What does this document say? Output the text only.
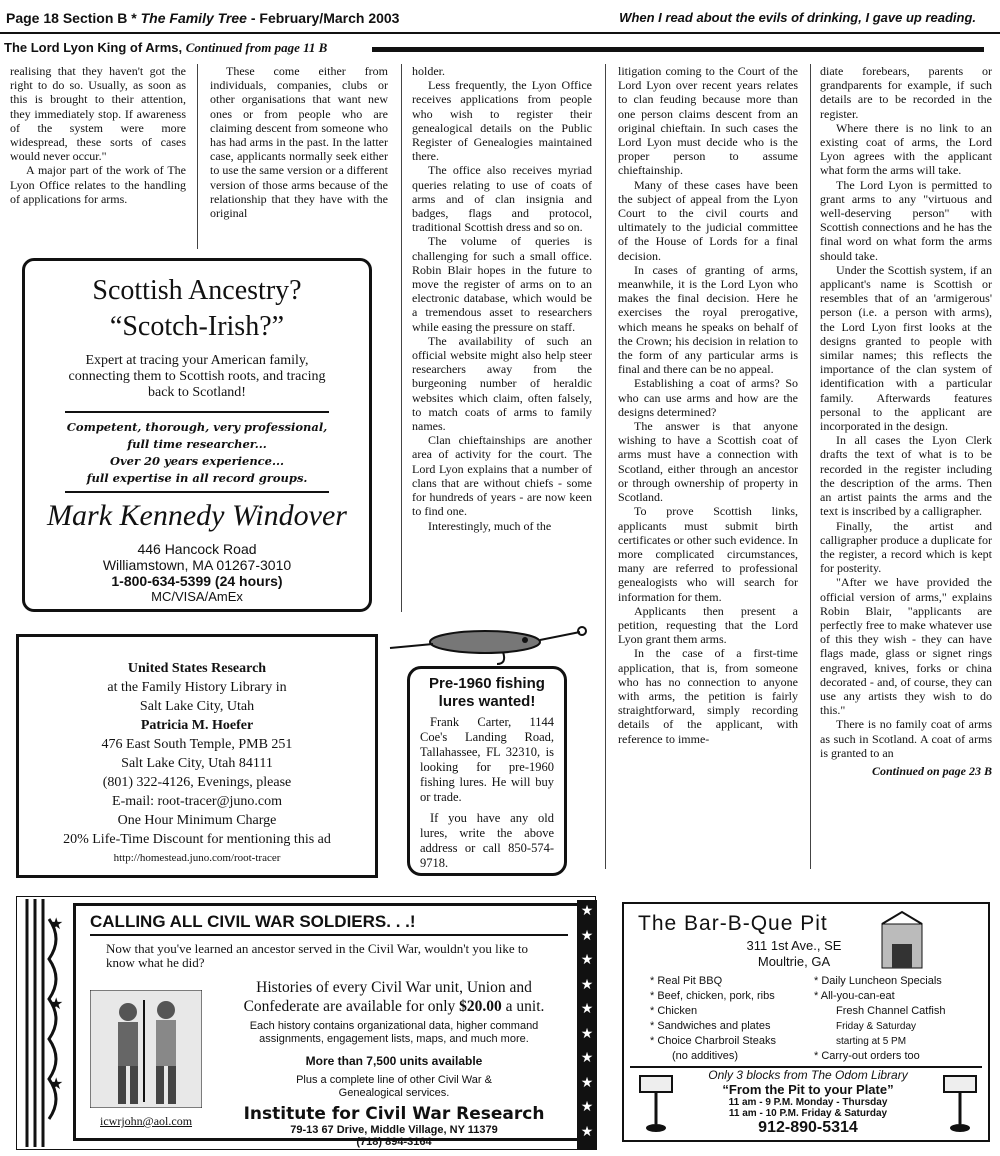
Page 18 Section B * The Family Tree - February/March 2003	When I read about the evils of drinking, I gave up reading.
The Lord Lyon King of Arms, Continued from page 11 B

realising that they haven't got the right to do so. Usually, as soon as this is brought to their attention, they immediately stop. If awareness of the system were more widespread, these sorts of cases would never occur."

A major part of the work of The Lyon Office relates to the handling of applications for arms.

These come either from individuals, companies, clubs or other organisations that want new ones or from people who are claiming descent from someone who has had arms in the past. In the latter case, applicants normally seek either to use the same version or a different version of those arms because of the relationship that they have with the original

holder.

Less frequently, the Lyon Office receives applications from people who wish to register their genealogical details on the Public Register of Genealogies maintained there.

The office also receives myriad queries relating to use of coats of arms and of clan insignia and badges, flags and protocol, traditional Scottish dress and so on.

The volume of queries is challenging for such a small office. Robin Blair hopes in the future to move the register of arms on to an electronic database, which would be a tremendous asset to researchers while easing the pressure on staff.

The availability of such an official website might also help steer researchers away from the burgeoning number of heraldic websites which claim, often falsely, to match coats of arms to family names.

Clan chieftainships are another area of activity for the court. The Lord Lyon explains that a number of clans that are without chiefs - some for hundreds of years - are now keen to find one.

Interestingly, much of the

litigation coming to the Court of the Lord Lyon over recent years relates to clan feuding because more than one person claims descent from an original chieftain. In such cases the Lord Lyon must decide who is the proper person to assume chieftainship.

Many of these cases have been the subject of appeal from the Lyon Court to the civil courts and ultimately to the judicial committee of the House of Lords for a final decision.

In cases of granting of arms, meanwhile, it is the Lord Lyon who makes the final decision. Here he exercises the royal prerogative, which means he speaks on behalf of the Crown; his decision in relation to the form of any particular arms is final and there can be no appeal.

Establishing a coat of arms? So who can use arms and how are the designs determined?

The answer is that anyone wishing to have a Scottish coat of arms must have a connection with Scotland, either through an ancestor or through ownership of property in Scotland.

To prove Scottish links, applicants must submit birth certificates or other such evidence. In more complicated circumstances, many are referred to professional genealogists who will search for information for them.

Applicants then present a petition, requesting that the Lord Lyon grant them arms.

In the case of a first-time application, that is, from someone who has no connection to anyone with arms, the petition is fairly straightforward, simply recording details of the applicant, with reference to imme-

diate forebears, parents or grandparents for example, if such details are to be recorded in the register.

Where there is no link to an existing coat of arms, the Lord Lyon agrees with the applicant what form the arms will take.

The Lord Lyon is permitted to grant arms to any "virtuous and well-deserving person" with Scottish connections and he has the final word on what form the arms should take.

Under the Scottish system, if an applicant's name is Scottish or resembles that of an 'armigerous' person (i.e. a person with arms), the Lord Lyon first looks at the designs granted to people with similar names; this reflects the importance of the clan system of identification with a particular family. Afterwards features personal to the applicant are incorporated in the design.

In all cases the Lyon Clerk drafts the text of what is to be recorded in the register including the description of the arms. Then an artist paints the arms and the text is inscribed by a calligrapher.

Finally, the artist and calligrapher produce a duplicate for the register, a record which is kept for posterity.

"After we have provided the official version of arms," explains Robin Blair, "applicants are perfectly free to make whatever use of this they wish - they can have flags made, glass or signet rings engraved, knives, forks or china decorated - and, of course, they can use any artists they wish to do this."

There is no family coat of arms as such in Scotland. A coat of arms is granted to an

Continued on page 23 B
Scottish Ancestry?
“Scotch-Irish?”
Expert at tracing your American family, connecting them to Scottish roots, and tracing back to Scotland!
Competent, thorough, very professional,
full time researcher...
Over 20 years experience...
full expertise in all record groups.
Mark Kennedy Windover
446 Hancock Road
Williamstown, MA 01267-3010
1-800-634-5399 (24 hours)
MC/VISA/AmEx
United States Research
at the Family History Library in
Salt Lake City, Utah
Patricia M. Hoefer
476 East South Temple, PMB 251
Salt Lake City, Utah 84111
(801) 322-4126, Evenings, please
E-mail: root-tracer@juno.com
One Hour Minimum Charge
20% Life-Time Discount for mentioning this ad
http://homestead.juno.com/root-tracer
Pre-1960 fishing lures wanted!
Frank Carter, 1144 Coe's Landing Road, Tallahassee, FL 32310, is looking for pre-1960 fishing lures. He will buy or trade.
If you have any old lures, write the above address or call 850-574-9718.
★
★
★
CALLING ALL CIVIL WAR SOLDIERS. . .!
Now that you've learned an ancestor served in the Civil War, wouldn't you like to know what he did?
Histories of every Civil War unit, Union and
Confederate are available for only $20.00 a unit.
Each history contains organizational data, higher command assignments, engagement lists, maps, and much more.
More than 7,500 units available
Plus a complete line of other Civil War & Genealogical services.
Institute for Civil War Research
79-13 67 Drive, Middle Village, NY 11379
(718) 894-3164
icwrjohn@aol.com
★
★
★
★
★
★
★
★
★
★
The Bar-B-Que Pit
311 1st Ave., SE
Moultrie, GA
* Real Pit BBQ
* Beef, chicken, pork, ribs
* Chicken
* Sandwiches and plates
* Choice Charbroil Steaks
(no additives)
* Daily Luncheon Specials
* All-you-can-eat
Fresh Channel Catfish
Friday & Saturday
starting at 5 PM
* Carry-out orders too
Only 3 blocks from The Odom Library
“From the Pit to your Plate”
11 am - 9 P.M. Monday - Thursday
11 am - 10 P.M. Friday & Saturday
912-890-5314
